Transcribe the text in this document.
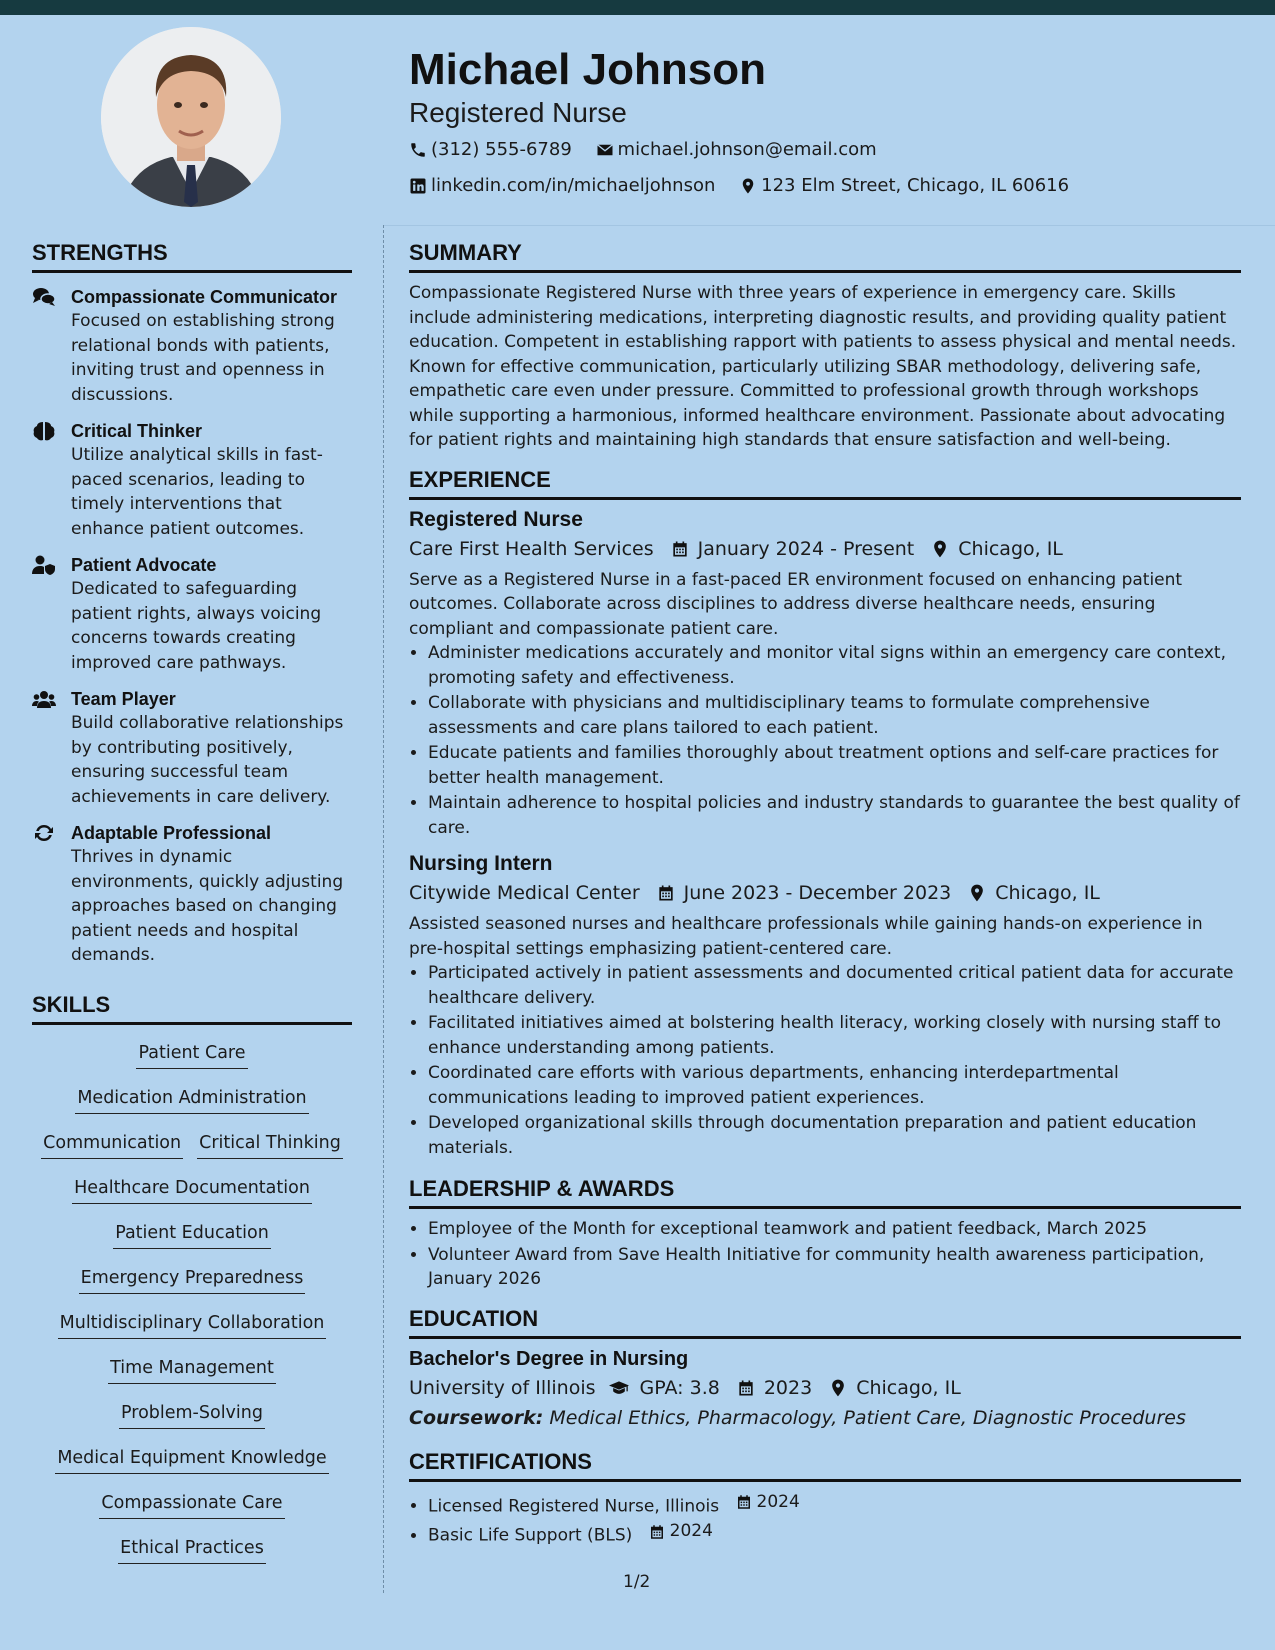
Michael Johnson
Registered Nurse
(312) 555-6789
	michael.johnson@email.com
linkedin.com/in/michaeljohnson
	123 Elm Street, Chicago, IL 60616
STRENGTHS
Compassionate Communicator
Focused on establishing strong relational bonds with patients, inviting trust and openness in discussions.
Critical Thinker
Utilize analytical skills in fast-paced scenarios, leading to timely interventions that enhance patient outcomes.
Patient Advocate
Dedicated to safeguarding patient rights, always voicing concerns towards creating improved care pathways.
Team Player
Build collaborative relationships by contributing positively, ensuring successful team achievements in care delivery.
Adaptable Professional
Thrives in dynamic environments, quickly adjusting approaches based on changing patient needs and hospital demands.
SKILLS
Patient Care
Medication Administration
Communication Critical Thinking
Healthcare Documentation
Patient Education
Emergency Preparedness
Multidisciplinary Collaboration
Time Management
Problem-Solving
Medical Equipment Knowledge
Compassionate Care
Ethical Practices
SUMMARY

Compassionate Registered Nurse with three years of experience in emergency care. Skills include administering medications, interpreting diagnostic results, and providing quality patient education. Competent in establishing rapport with patients to assess physical and mental needs. Known for effective communication, particularly utilizing SBAR methodology, delivering safe, empathetic care even under pressure. Committed to professional growth through workshops while supporting a harmonious, informed healthcare environment. Passionate about advocating for patient rights and maintaining high standards that ensure satisfaction and well-being.

EXPERIENCE
Registered Nurse
Care First Health Services January 2024 - Present Chicago, IL

Serve as a Registered Nurse in a fast-paced ER environment focused on enhancing patient outcomes. Collaborate across disciplines to address diverse healthcare needs, ensuring compliant and compassionate patient care.

• Administer medications accurately and monitor vital signs within an emergency care context, promoting safety and effectiveness.
• Collaborate with physicians and multidisciplinary teams to formulate comprehensive assessments and care plans tailored to each patient.
• Educate patients and families thoroughly about treatment options and self-care practices for better health management.
• Maintain adherence to hospital policies and industry standards to guarantee the best quality of care.
Nursing Intern
Citywide Medical Center June 2023 - December 2023 Chicago, IL

Assisted seasoned nurses and healthcare professionals while gaining hands-on experience in pre-hospital settings emphasizing patient-centered care.

• Participated actively in patient assessments and documented critical patient data for accurate healthcare delivery.
• Facilitated initiatives aimed at bolstering health literacy, working closely with nursing staff to enhance understanding among patients.
• Coordinated care efforts with various departments, enhancing interdepartmental communications leading to improved patient experiences.
• Developed organizational skills through documentation preparation and patient education materials.
LEADERSHIP & AWARDS
• Employee of the Month for exceptional teamwork and patient feedback, March 2025
• Volunteer Award from Save Health Initiative for community health awareness participation, January 2026
EDUCATION
Bachelor's Degree in Nursing
University of Illinois GPA: 3.8 2023 Chicago, IL
Coursework: Medical Ethics, Pharmacology, Patient Care, Diagnostic Procedures
CERTIFICATIONS
• Licensed Registered Nurse, Illinois 2024
• Basic Life Support (BLS) 2024
1/2
